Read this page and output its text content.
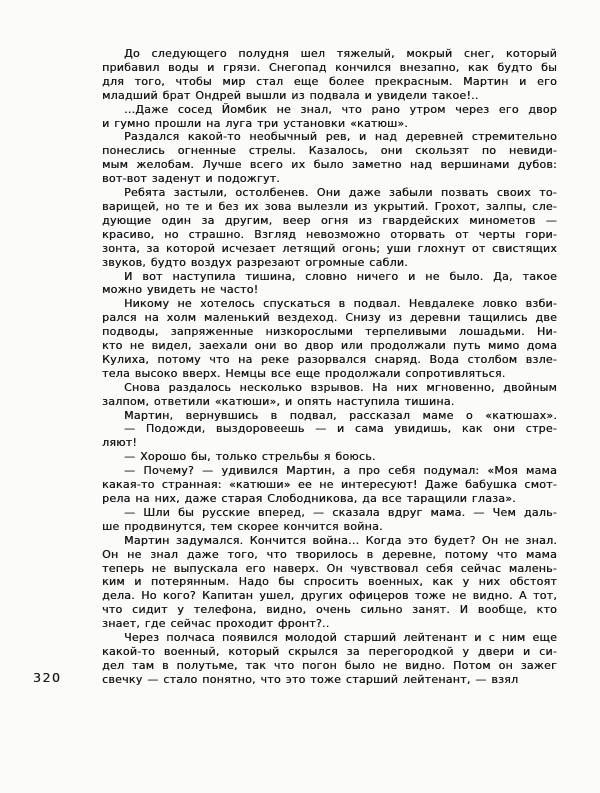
320
До следующего полудня шел тяжелый, мокрый снег, который
прибавил воды и грязи. Снегопад кончился внезапно, как будто бы
для того, чтобы мир стал еще более прекрасным. Мартин и его
младший брат Ондрей вышли из подвала и увидели такое!..
...Даже сосед Йомбик не знал, что рано утром через его двор
и гумно прошли на луга три установки «катюш».
Раздался какой-то необычный рев, и над деревней стремительно
понеслись огненные стрелы. Казалось, они скользят по невиди-
мым желобам. Лучше всего их было заметно над вершинами дубов:
вот-вот заденут и подожгут.
Ребята застыли, остолбенев. Они даже забыли позвать своих то-
варищей, но те и без их зова вылезли из укрытий. Грохот, залпы, сле-
дующие один за другим, веер огня из гвардейских минометов —
красиво, но страшно. Взгляд невозможно оторвать от черты гори-
зонта, за которой исчезает летящий огонь; уши глохнут от свистящих
звуков, будто воздух разрезают огромные сабли.
И вот наступила тишина, словно ничего и не было. Да, такое
можно увидеть не часто!
Никому не хотелось спускаться в подвал. Невдалеке ловко взби-
рался на холм маленький вездеход. Снизу из деревни тащились две
подводы, запряженные низкорослыми терпеливыми лошадьми. Ни-
кто не видел, заехали они во двор или продолжали путь мимо дома
Кулиха, потому что на реке разорвался снаряд. Вода столбом взле-
тела высоко вверх. Немцы все еще продолжали сопротивляться.
Снова раздалось несколько взрывов. На них мгновенно, двойным
залпом, ответили «катюши», и опять наступила тишина.
Мартин, вернувшись в подвал, рассказал маме о «катюшах».
— Подожди, выздоровеешь — и сама увидишь, как они стре-
ляют!
— Хорошо бы, только стрельбы я боюсь.
— Почему? — удивился Мартин, а про себя подумал: «Моя мама
какая-то странная: «катюши» ее не интересуют! Даже бабушка смот-
рела на них, даже старая Слободникова, да все таращили глаза».
— Шли бы русские вперед, — сказала вдруг мама. — Чем даль-
ше продвинутся, тем скорее кончится война.
Мартин задумался. Кончится война... Когда это будет? Он не знал.
Он не знал даже того, что творилось в деревне, потому что мама
теперь не выпускала его наверх. Он чувствовал себя сейчас малень-
ким и потерянным. Надо бы спросить военных, как у них обстоят
дела. Но кого? Капитан ушел, других офицеров тоже не видно. А тот,
что сидит у телефона, видно, очень сильно занят. И вообще, кто
знает, где сейчас проходит фронт?..
Через полчаса появился молодой старший лейтенант и с ним еще
какой-то военный, который скрылся за перегородкой у двери и си-
дел там в полутьме, так что погон было не видно. Потом он зажег
свечку — стало понятно, что это тоже старший лейтенант, — взял
